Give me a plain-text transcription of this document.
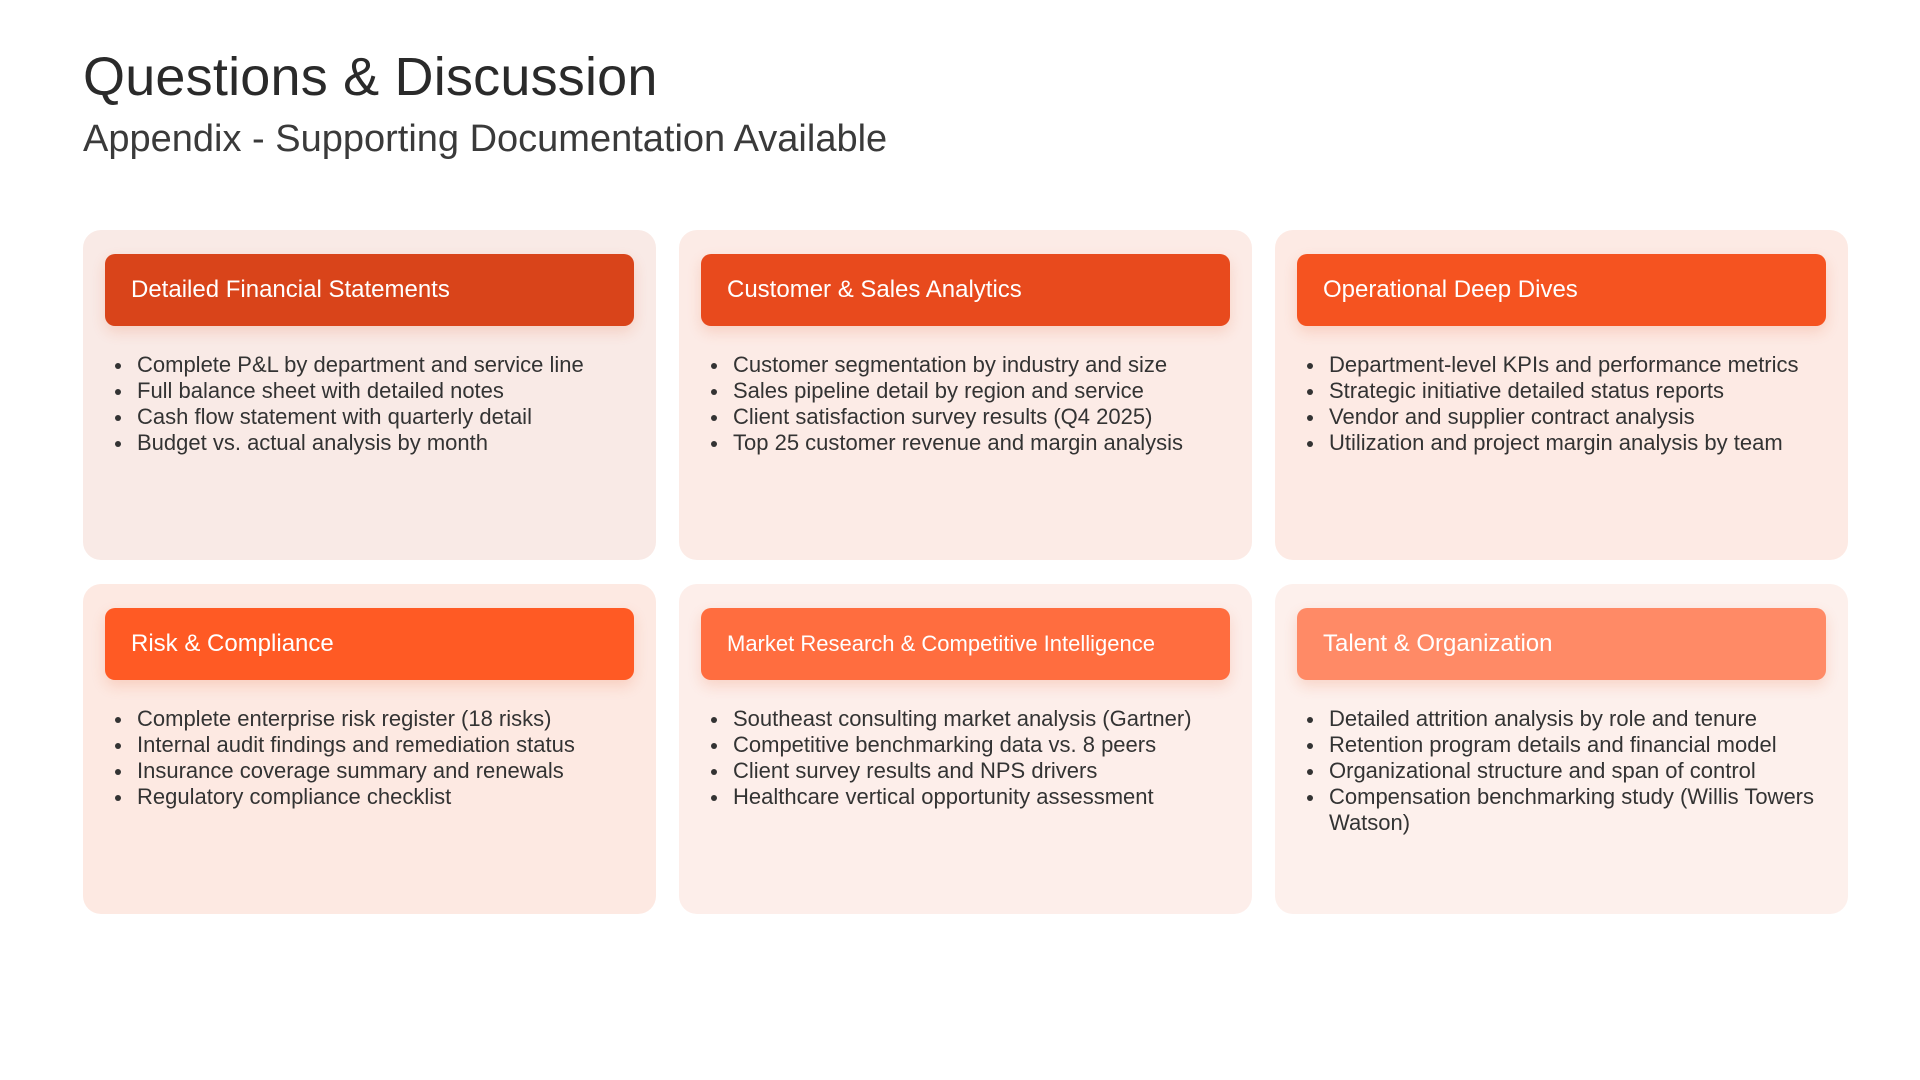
Questions & Discussion
Appendix - Supporting Documentation Available
Detailed Financial Statements
Complete P&L by department and service line
Full balance sheet with detailed notes
Cash flow statement with quarterly detail
Budget vs. actual analysis by month
Customer & Sales Analytics
Customer segmentation by industry and size
Sales pipeline detail by region and service
Client satisfaction survey results (Q4 2025)
Top 25 customer revenue and margin analysis
Operational Deep Dives
Department-level KPIs and performance metrics
Strategic initiative detailed status reports
Vendor and supplier contract analysis
Utilization and project margin analysis by team
Risk & Compliance
Complete enterprise risk register (18 risks)
Internal audit findings and remediation status
Insurance coverage summary and renewals
Regulatory compliance checklist
Market Research & Competitive Intelligence
Southeast consulting market analysis (Gartner)
Competitive benchmarking data vs. 8 peers
Client survey results and NPS drivers
Healthcare vertical opportunity assessment
Talent & Organization
Detailed attrition analysis by role and tenure
Retention program details and financial model
Organizational structure and span of control
Compensation benchmarking study (Willis Towers Watson)
